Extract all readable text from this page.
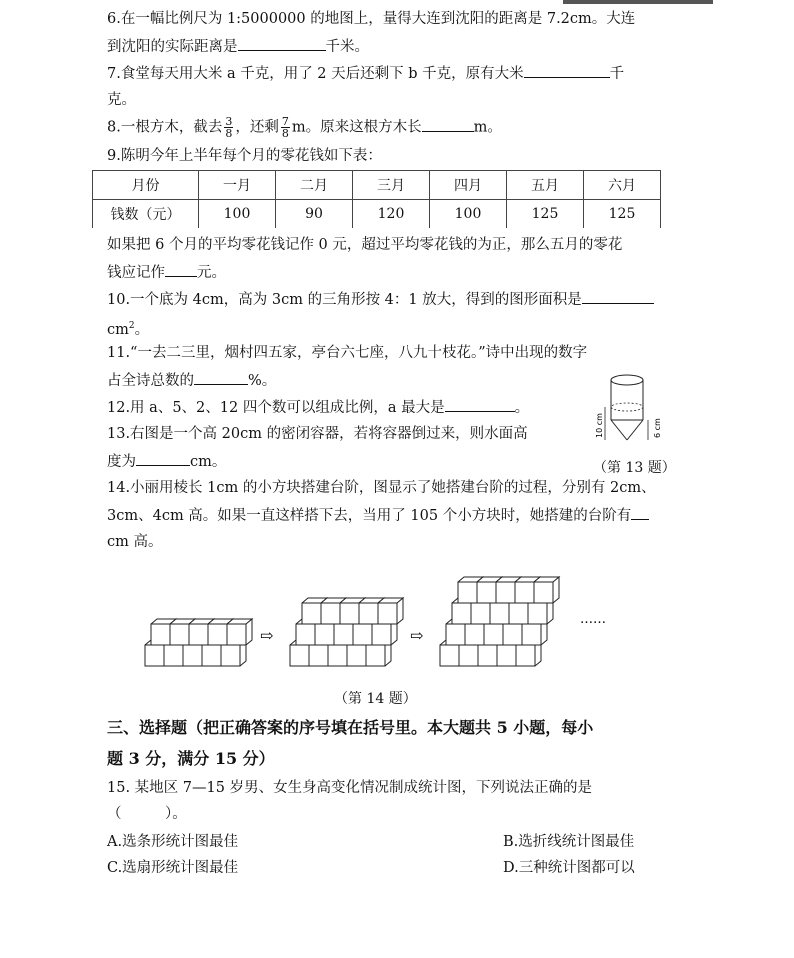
6.在一幅比例尺为 1:5000000 的地图上，量得大连到沈阳的距离是 7.2cm。大连
到沈阳的实际距离是	千米。
7.食堂每天用大米 a 千克，用了 2 天后还剩下 b 千克，原有大米	千
克。
8.一根方木，截去 $\frac{3}{8}$ ，还剩 $\frac{7}{8}$ m。原来这根方木长	m。
9.陈明今年上半年每个月的零花钱如下表：
月份	一月	二月	三月	四月	五月	六月
钱数（元）	100	90	120	100	125	125
如果把 6 个月的平均零花钱记作 0 元，超过平均零花钱的为正，那么五月的零花
钱应记作 元。
10.一个底为 4cm，高为 3cm 的三角形按 4：1 放大，得到的图形面积是
$cm^2$。
11.“一去二三里，烟村四五家，亭台六七座，八九十枝花。”诗中出现的数字
占全诗总数的	%。
12.用 a、5、2、12 四个数可以组成比例，a 最大是	。
13.右图是一个高 20cm 的密闭容器，若将容器倒过来，则水面高
度为	cm。
10 cm	6 cm
（第 13 题）
14.小丽用棱长 1cm 的小方块搭建台阶，图显示了她搭建台阶的过程，分别有 2cm、
3cm、4cm 高。如果一直这样搭下去，当用了 105 个小方块时，她搭建的台阶有
cm 高。
⇨	⇨
……
（第 14 题）
三、选择题（把正确答案的序号填在括号里。本大题共 5 小题，每小
题 3 分，满分 15 分）
15. 某地区 7—15 岁男、女生身高变化情况制成统计图，下列说法正确的是
（　　　）。
A.选条形统计图最佳	B.选折线统计图最佳
C.选扇形统计图最佳	D.三种统计图都可以
